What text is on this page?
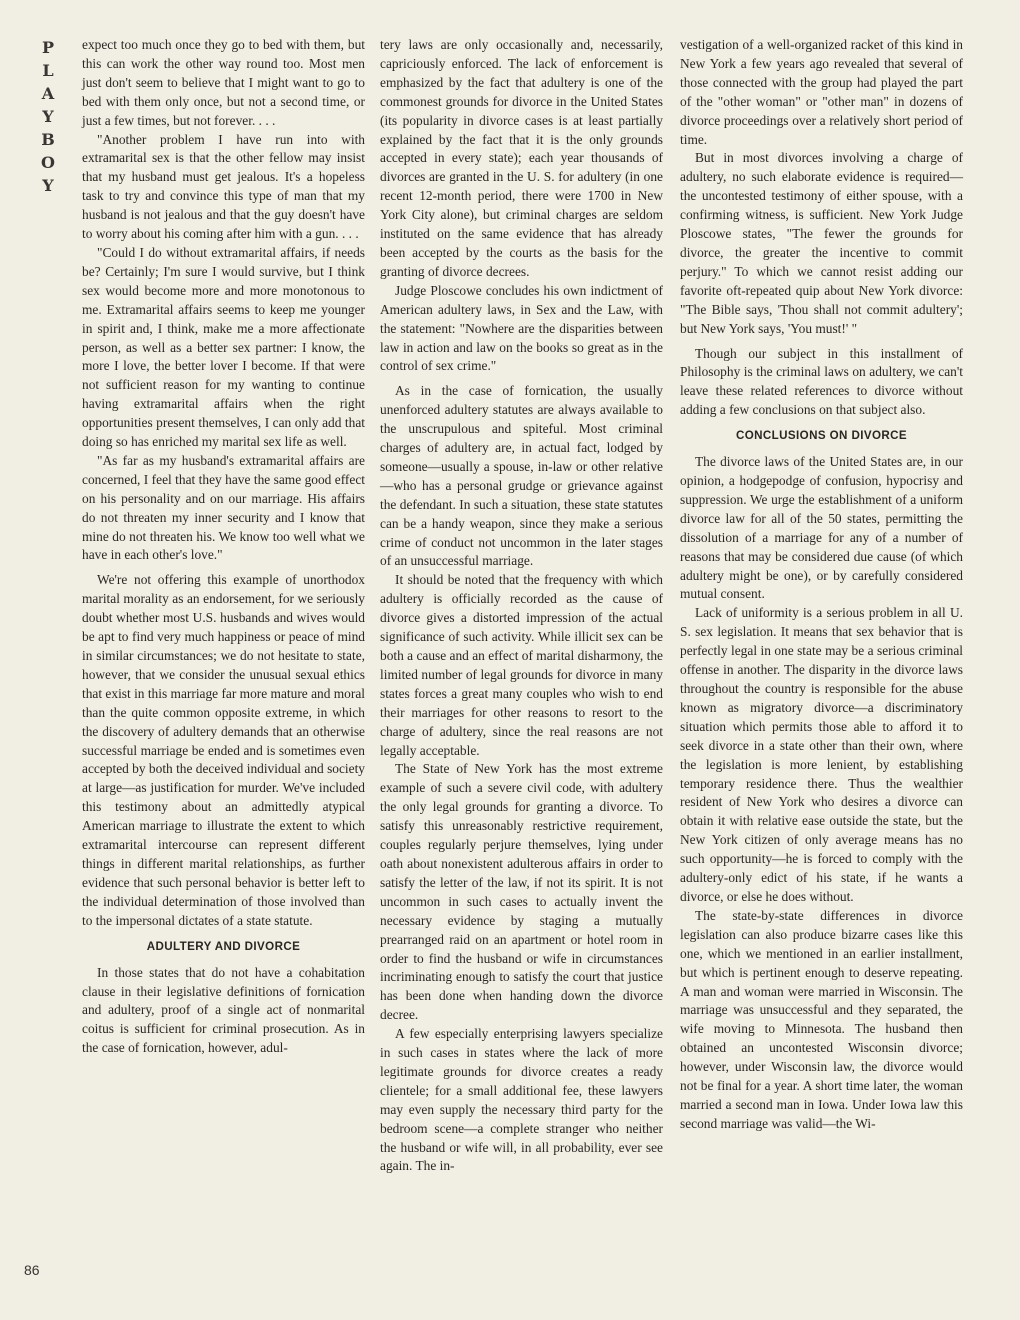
P
L
A
Y
B
O
Y

expect too much once they go to bed with them, but this can work the other way round too. Most men just don't seem to believe that I might want to go to bed with them only once, but not a second time, or just a few times, but not forever. . . .

"Another problem I have run into with extramarital sex is that the other fellow may insist that my husband must get jealous. It's a hopeless task to try and convince this type of man that my husband is not jealous and that the guy doesn't have to worry about his coming after him with a gun. . . .

"Could I do without extramarital affairs, if needs be? Certainly; I'm sure I would survive, but I think sex would become more and more monotonous to me. Extramarital affairs seems to keep me younger in spirit and, I think, make me a more affectionate person, as well as a better sex partner: I know, the more I love, the better lover I become. If that were not sufficient reason for my wanting to continue having extramarital affairs when the right opportunities present themselves, I can only add that doing so has enriched my marital sex life as well.

"As far as my husband's extramarital affairs are concerned, I feel that they have the same good effect on his personality and on our marriage. His affairs do not threaten my inner security and I know that mine do not threaten his. We know too well what we have in each other's love."

We're not offering this example of unorthodox marital morality as an endorsement, for we seriously doubt whether most U.S. husbands and wives would be apt to find very much happiness or peace of mind in similar circumstances; we do not hesitate to state, however, that we consider the unusual sexual ethics that exist in this marriage far more mature and moral than the quite common opposite extreme, in which the discovery of adultery demands that an otherwise successful marriage be ended and is sometimes even accepted by both the deceived individual and society at large—as justification for murder. We've included this testimony about an admittedly atypical American marriage to illustrate the extent to which extramarital intercourse can represent different things in different marital relationships, as further evidence that such personal behavior is better left to the individual determination of those involved than to the impersonal dictates of a state statute.

ADULTERY AND DIVORCE

In those states that do not have a cohabitation clause in their legislative definitions of fornication and adultery, proof of a single act of nonmarital coitus is sufficient for criminal prosecution. As in the case of fornication, however, adul-

tery laws are only occasionally and, necessarily, capriciously enforced. The lack of enforcement is emphasized by the fact that adultery is one of the commonest grounds for divorce in the United States (its popularity in divorce cases is at least partially explained by the fact that it is the only grounds accepted in every state); each year thousands of divorces are granted in the U. S. for adultery (in one recent 12-month period, there were 1700 in New York City alone), but criminal charges are seldom instituted on the same evidence that has already been accepted by the courts as the basis for the granting of divorce decrees.

Judge Ploscowe concludes his own indictment of American adultery laws, in Sex and the Law, with the statement: "Nowhere are the disparities between law in action and law on the books so great as in the control of sex crime."

As in the case of fornication, the usually unenforced adultery statutes are always available to the unscrupulous and spiteful. Most criminal charges of adultery are, in actual fact, lodged by someone—usually a spouse, in-law or other relative—who has a personal grudge or grievance against the defendant. In such a situation, these state statutes can be a handy weapon, since they make a serious crime of conduct not uncommon in the later stages of an unsuccessful marriage.

It should be noted that the frequency with which adultery is officially recorded as the cause of divorce gives a distorted impression of the actual significance of such activity. While illicit sex can be both a cause and an effect of marital disharmony, the limited number of legal grounds for divorce in many states forces a great many couples who wish to end their marriages for other reasons to resort to the charge of adultery, since the real reasons are not legally acceptable.

The State of New York has the most extreme example of such a severe civil code, with adultery the only legal grounds for granting a divorce. To satisfy this unreasonably restrictive requirement, couples regularly perjure themselves, lying under oath about nonexistent adulterous affairs in order to satisfy the letter of the law, if not its spirit. It is not uncommon in such cases to actually invent the necessary evidence by staging a mutually prearranged raid on an apartment or hotel room in order to find the husband or wife in circumstances incriminating enough to satisfy the court that justice has been done when handing down the divorce decree.

A few especially enterprising lawyers specialize in such cases in states where the lack of more legitimate grounds for divorce creates a ready clientele; for a small additional fee, these lawyers may even supply the necessary third party for the bedroom scene—a complete stranger who neither the husband or wife will, in all probability, ever see again. The in-

vestigation of a well-organized racket of this kind in New York a few years ago revealed that several of those connected with the group had played the part of the "other woman" or "other man" in dozens of divorce proceedings over a relatively short period of time.

But in most divorces involving a charge of adultery, no such elaborate evidence is required—the uncontested testimony of either spouse, with a confirming witness, is sufficient. New York Judge Ploscowe states, "The fewer the grounds for divorce, the greater the incentive to commit perjury." To which we cannot resist adding our favorite oft-repeated quip about New York divorce: "The Bible says, 'Thou shall not commit adultery'; but New York says, 'You must!' "

Though our subject in this installment of Philosophy is the criminal laws on adultery, we can't leave these related references to divorce without adding a few conclusions on that subject also.

CONCLUSIONS ON DIVORCE

The divorce laws of the United States are, in our opinion, a hodgepodge of confusion, hypocrisy and suppression. We urge the establishment of a uniform divorce law for all of the 50 states, permitting the dissolution of a marriage for any of a number of reasons that may be considered due cause (of which adultery might be one), or by carefully considered mutual consent.

Lack of uniformity is a serious problem in all U. S. sex legislation. It means that sex behavior that is perfectly legal in one state may be a serious criminal offense in another. The disparity in the divorce laws throughout the country is responsible for the abuse known as migratory divorce—a discriminatory situation which permits those able to afford it to seek divorce in a state other than their own, where the legislation is more lenient, by establishing temporary residence there. Thus the wealthier resident of New York who desires a divorce can obtain it with relative ease outside the state, but the New York citizen of only average means has no such opportunity—he is forced to comply with the adultery-only edict of his state, if he wants a divorce, or else he does without.

The state-by-state differences in divorce legislation can also produce bizarre cases like this one, which we mentioned in an earlier installment, but which is pertinent enough to deserve repeating. A man and woman were married in Wisconsin. The marriage was unsuccessful and they separated, the wife moving to Minnesota. The husband then obtained an uncontested Wisconsin divorce; however, under Wisconsin law, the divorce would not be final for a year. A short time later, the woman married a second man in Iowa. Under Iowa law this second marriage was valid—the Wi-

86
